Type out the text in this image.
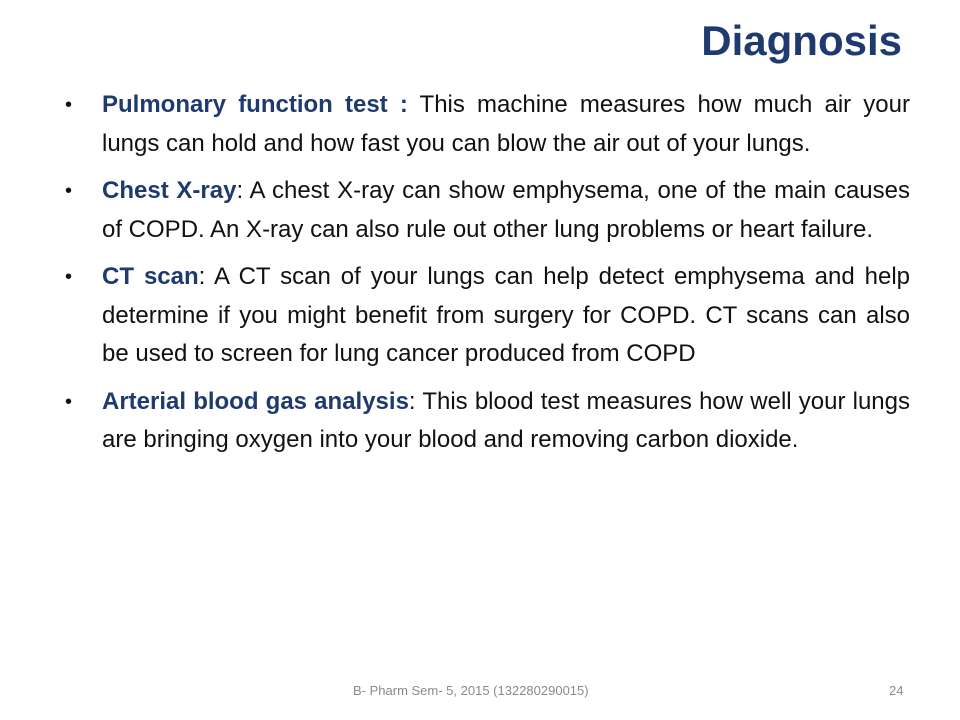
Diagnosis
• Pulmonary function test : This machine measures how much air your lungs can hold and how fast you can blow the air out of your lungs.
• Chest X-ray: A chest X-ray can show emphysema, one of the main causes of COPD. An X-ray can also rule out other lung problems or heart failure.
• CT scan: A CT scan of your lungs can help detect emphysema and help determine if you might benefit from surgery for COPD. CT scans can also be used to screen for lung cancer produced from COPD
• Arterial blood gas analysis: This blood test measures how well your lungs are bringing oxygen into your blood and removing carbon dioxide.
B- Pharm Sem- 5, 2015 (132280290015)	24
